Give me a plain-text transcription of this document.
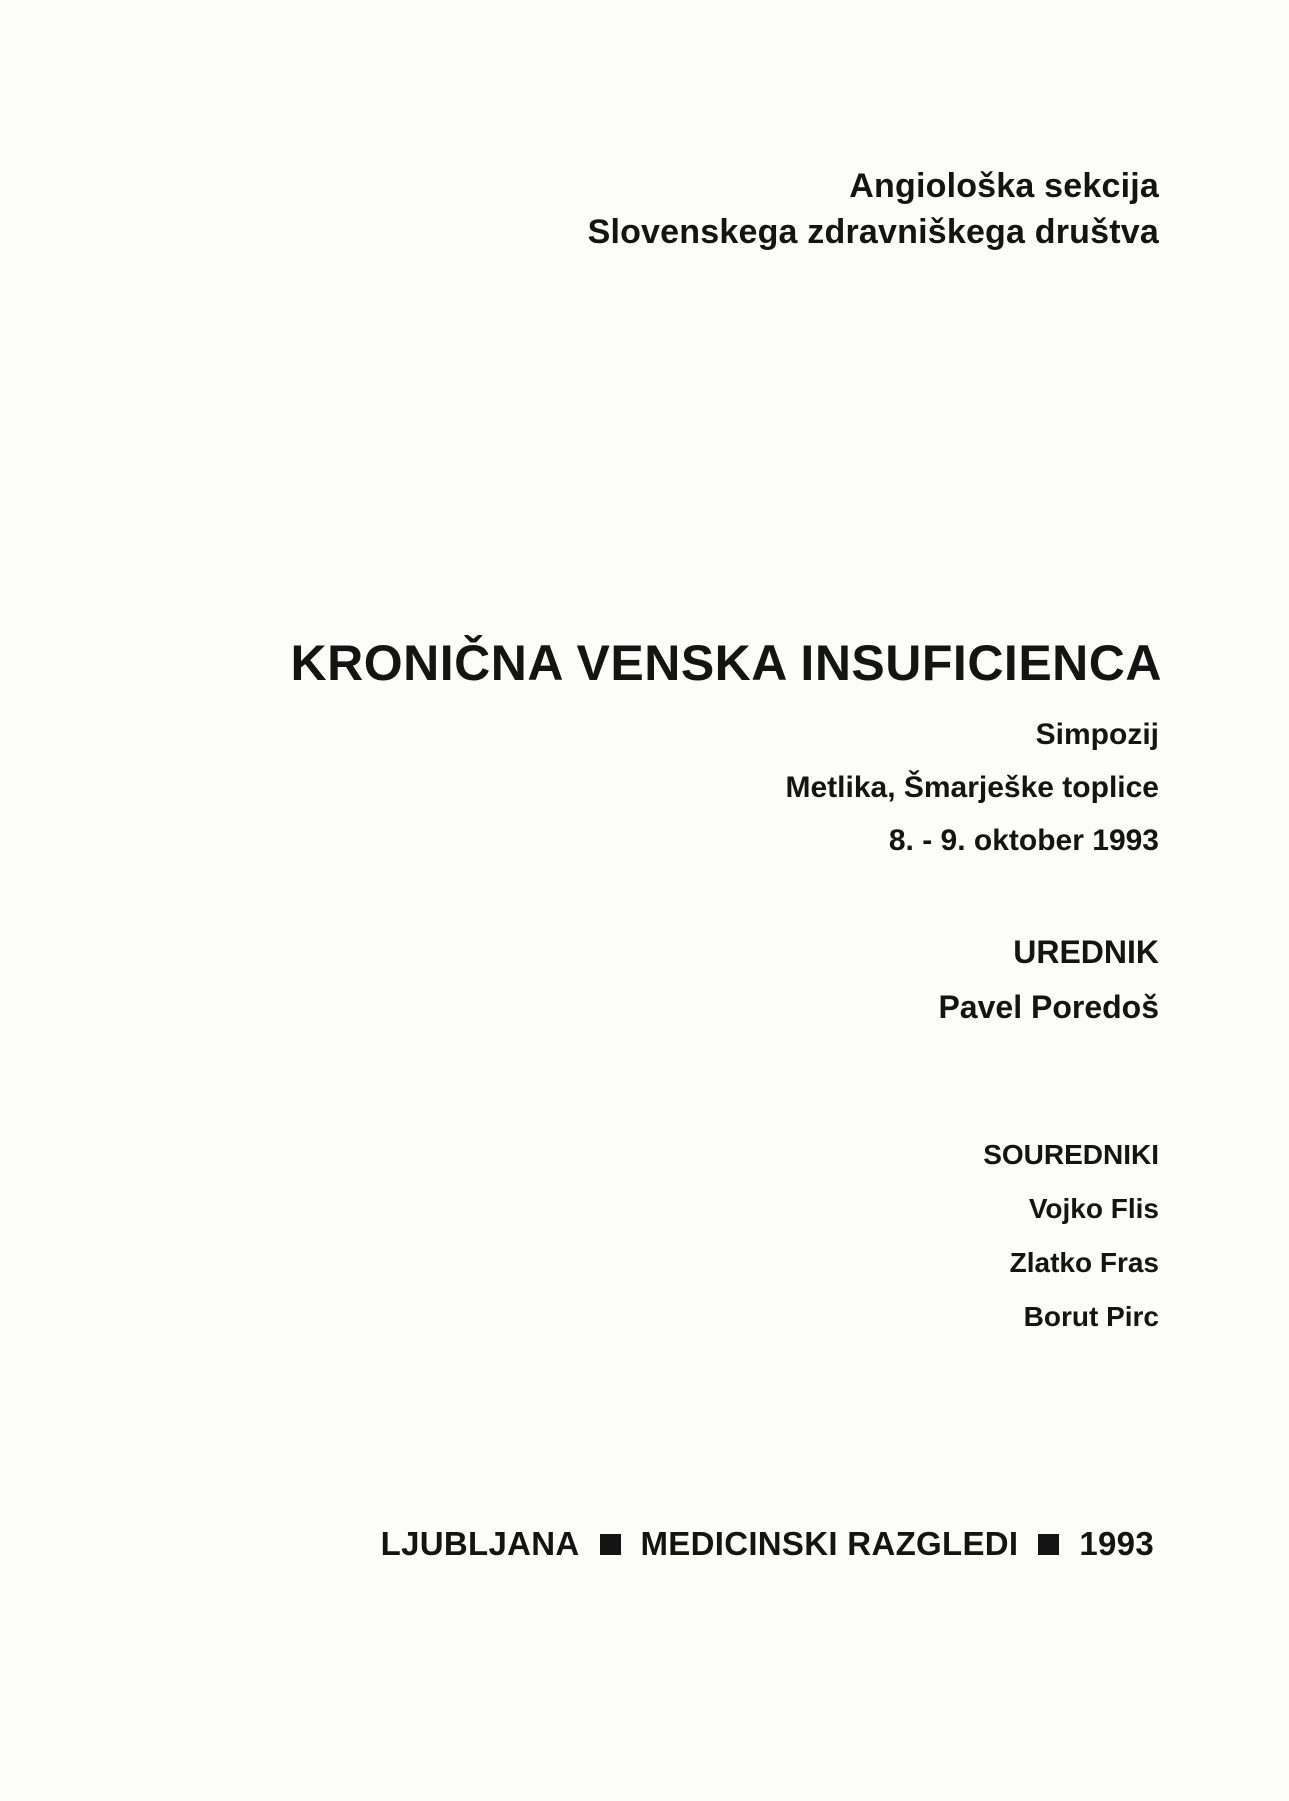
Angiološka sekcija
Slovenskega zdravniškega društva
KRONIČNA VENSKA INSUFICIENCA
Simpozij
Metlika, Šmarješke toplice
8. - 9. oktober 1993
UREDNIK
Pavel Poredoš
SOUREDNIKI
Vojko Flis
Zlatko Fras
Borut Pirc
LJUBLJANA MEDICINSKI RAZGLEDI 1993
